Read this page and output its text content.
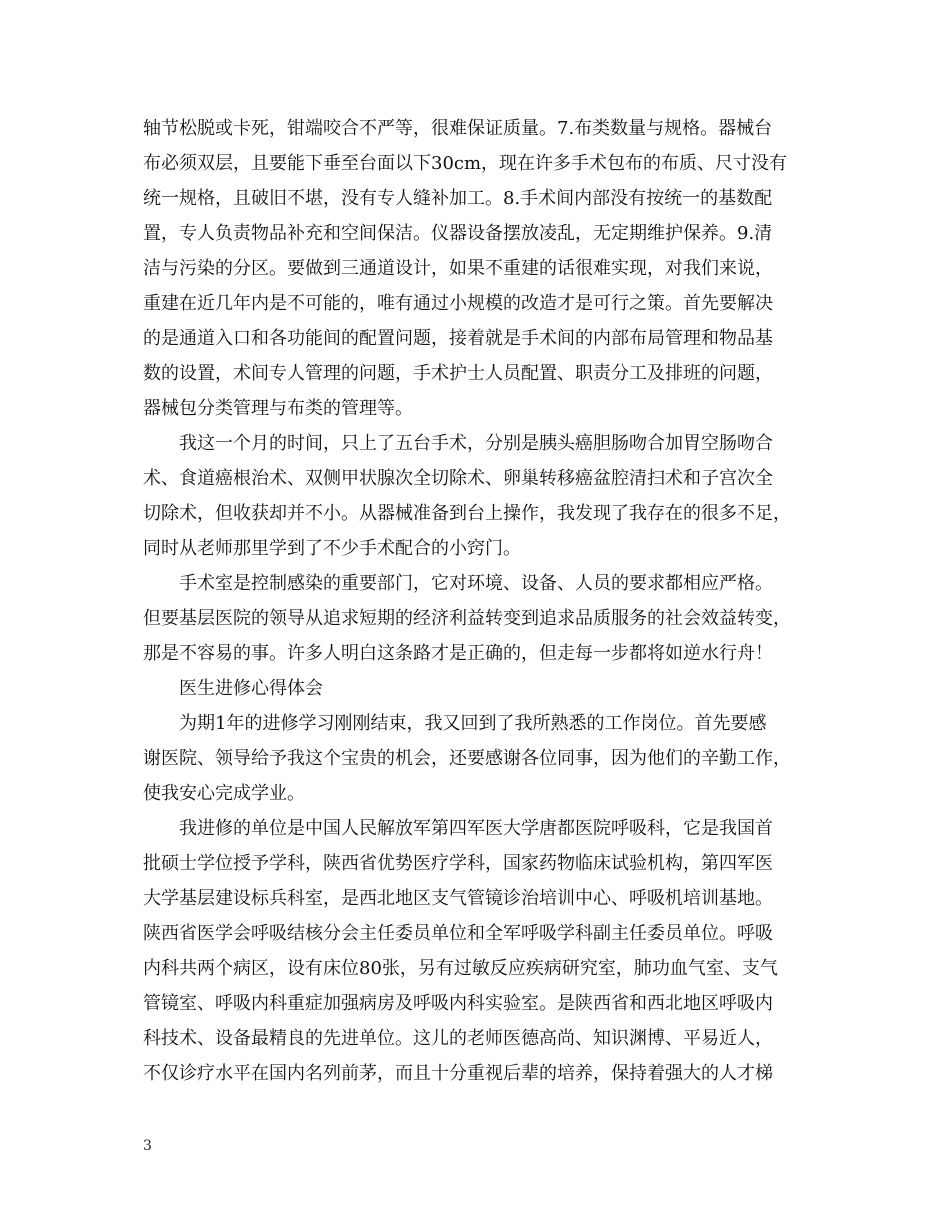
轴节松脱或卡死，钳端咬合不严等，很难保证质量。7.布类数量与规格。器械台
布必须双层，且要能下垂至台面以下30cm，现在许多手术包布的布质、尺寸没有
统一规格，且破旧不堪，没有专人缝补加工。8.手术间内部没有按统一的基数配
置，专人负责物品补充和空间保洁。仪器设备摆放凌乱，无定期维护保养。9.清
洁与污染的分区。要做到三通道设计，如果不重建的话很难实现，对我们来说，
重建在近几年内是不可能的，唯有通过小规模的改造才是可行之策。首先要解决
的是通道入口和各功能间的配置问题，接着就是手术间的内部布局管理和物品基
数的设置，术间专人管理的问题，手术护士人员配置、职责分工及排班的问题，
器械包分类管理与布类的管理等。
我这一个月的时间，只上了五台手术，分别是胰头癌胆肠吻合加胃空肠吻合
术、食道癌根治术、双侧甲状腺次全切除术、卵巢转移癌盆腔清扫术和子宫次全
切除术，但收获却并不小。从器械准备到台上操作，我发现了我存在的很多不足，
同时从老师那里学到了不少手术配合的小窍门。
手术室是控制感染的重要部门，它对环境、设备、人员的要求都相应严格。
但要基层医院的领导从追求短期的经济利益转变到追求品质服务的社会效益转变，
那是不容易的事。许多人明白这条路才是正确的，但走每一步都将如逆水行舟！
医生进修心得体会
为期1年的进修学习刚刚结束，我又回到了我所熟悉的工作岗位。首先要感
谢医院、领导给予我这个宝贵的机会，还要感谢各位同事，因为他们的辛勤工作，
使我安心完成学业。
我进修的单位是中国人民解放军第四军医大学唐都医院呼吸科，它是我国首
批硕士学位授予学科，陕西省优势医疗学科，国家药物临床试验机构，第四军医
大学基层建设标兵科室，是西北地区支气管镜诊治培训中心、呼吸机培训基地。
陕西省医学会呼吸结核分会主任委员单位和全军呼吸学科副主任委员单位。呼吸
内科共两个病区，设有床位80张，另有过敏反应疾病研究室，肺功血气室、支气
管镜室、呼吸内科重症加强病房及呼吸内科实验室。是陕西省和西北地区呼吸内
科技术、设备最精良的先进单位。这儿的老师医德高尚、知识渊博、平易近人，
不仅诊疗水平在国内名列前茅，而且十分重视后辈的培养，保持着强大的人才梯
3
